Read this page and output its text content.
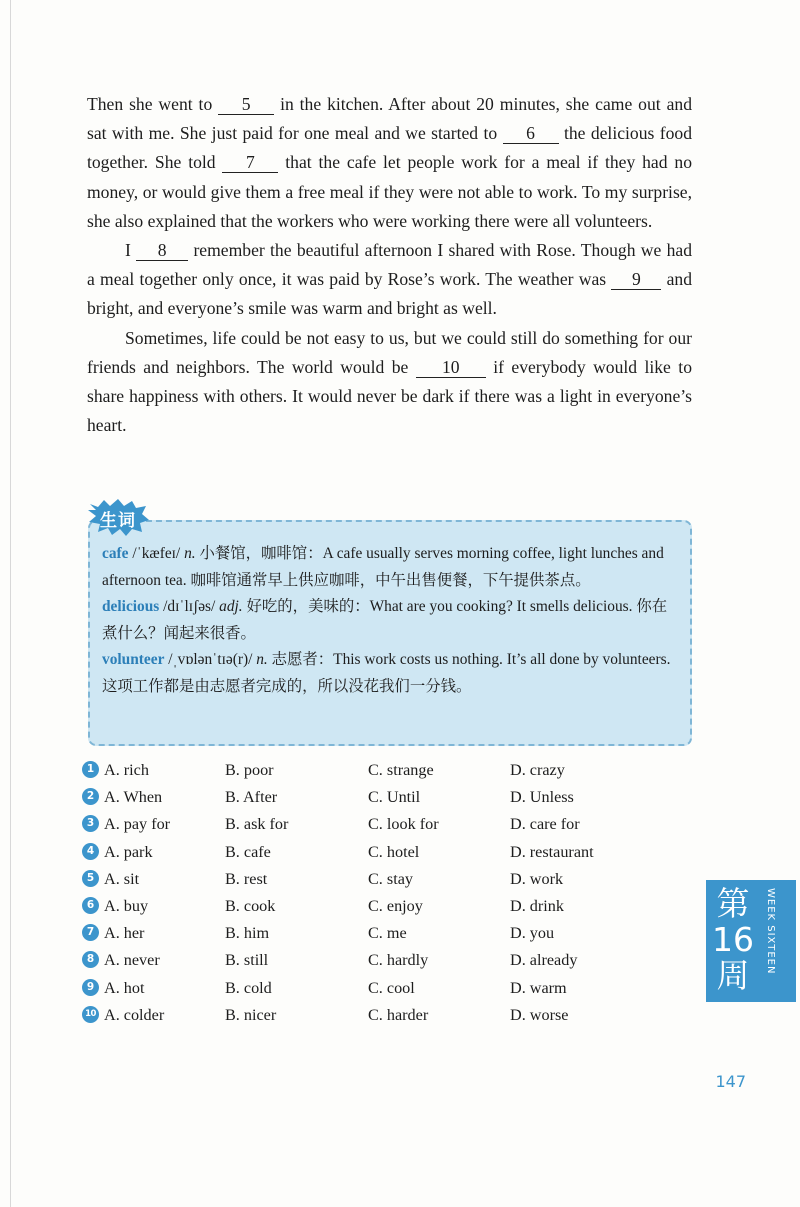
Then she went to 5 in the kitchen. After about 20 minutes, she came out and sat with me. She just paid for one meal and we started to 6 the delicious food together. She told 7 that the cafe let people work for a meal if they had no money, or would give them a free meal if they were not able to work. To my surprise, she also explained that the workers who were working there were all volunteers.

I 8 remember the beautiful afternoon I shared with Rose. Though we had a meal together only once, it was paid by Rose’s work. The weather was 9 and bright, and everyone’s smile was warm and bright as well.

Sometimes, life could be not easy to us, but we could still do something for our friends and neighbors. The world would be 10 if everybody would like to share happiness with others. It would never be dark if there was a light in everyone’s heart.

生词

cafe /ˈkæfeɪ/ n. 小餐馆，咖啡馆：A cafe usually serves morning coffee, light lunches and afternoon tea. 咖啡馆通常早上供应咖啡，中午出售便餐，下午提供茶点。

delicious /dɪˈlɪʃəs/ adj. 好吃的，美味的：What are you cooking? It smells delicious. 你在煮什么？闻起来很香。

volunteer /ˌvɒlənˈtɪə(r)/ n. 志愿者：This work costs us nothing. It’s all done by volunteers. 这项工作都是由志愿者完成的，所以没花我们一分钱。

1 A. rich	B. poor	C. strange	D. crazy
2 A. When	B. After	C. Until	D. Unless
3 A. pay for	B. ask for	C. look for	D. care for
4 A. park	B. cafe	C. hotel	D. restaurant
5 A. sit	B. rest	C. stay	D. work
6 A. buy	B. cook	C. enjoy	D. drink
7 A. her	B. him	C. me	D. you
8 A. never	B. still	C. hardly	D. already
9 A. hot	B. cold	C. cool	D. warm
10 A. colder	B. nicer	C. harder	D. worse
第
16
周
WEEK SIXTEEN
147
